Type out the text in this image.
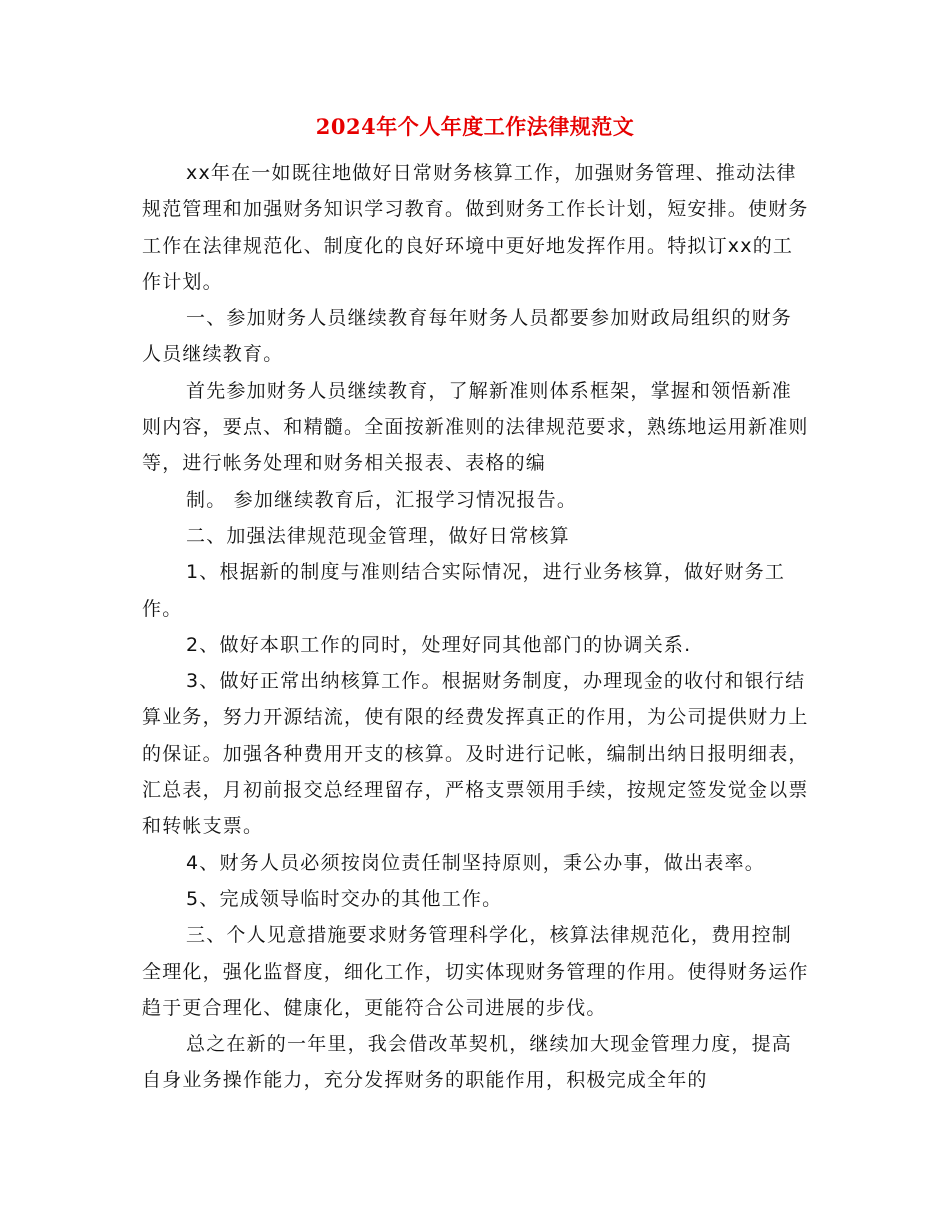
2024年个人年度工作法律规范文

xx年在一如既往地做好日常财务核算工作，加强财务管理、推动法律规范管理和加强财务知识学习教育。做到财务工作长计划，短安排。使财务工作在法律规范化、制度化的良好环境中更好地发挥作用。特拟订xx的工作计划。

一、参加财务人员继续教育每年财务人员都要参加财政局组织的财务人员继续教育。

首先参加财务人员继续教育，了解新准则体系框架，掌握和领悟新准则内容，要点、和精髓。全面按新准则的法律规范要求，熟练地运用新准则等，进行帐务处理和财务相关报表、表格的编

制。 参加继续教育后，汇报学习情况报告。

二、加强法律规范现金管理，做好日常核算

1、根据新的制度与准则结合实际情况，进行业务核算，做好财务工作。

2、做好本职工作的同时，处理好同其他部门的协调关系.

3、做好正常出纳核算工作。根据财务制度，办理现金的收付和银行结算业务，努力开源结流，使有限的经费发挥真正的作用，为公司提供财力上的保证。加强各种费用开支的核算。及时进行记帐，编制出纳日报明细表，汇总表，月初前报交总经理留存，严格支票领用手续，按规定签发觉金以票和转帐支票。

4、财务人员必须按岗位责任制坚持原则，秉公办事，做出表率。

5、完成领导临时交办的其他工作。

三、个人见意措施要求财务管理科学化，核算法律规范化，费用控制全理化，强化监督度，细化工作，切实体现财务管理的作用。使得财务运作趋于更合理化、健康化，更能符合公司进展的步伐。

总之在新的一年里，我会借改革契机，继续加大现金管理力度，提高自身业务操作能力，充分发挥财务的职能作用，积极完成全年的
